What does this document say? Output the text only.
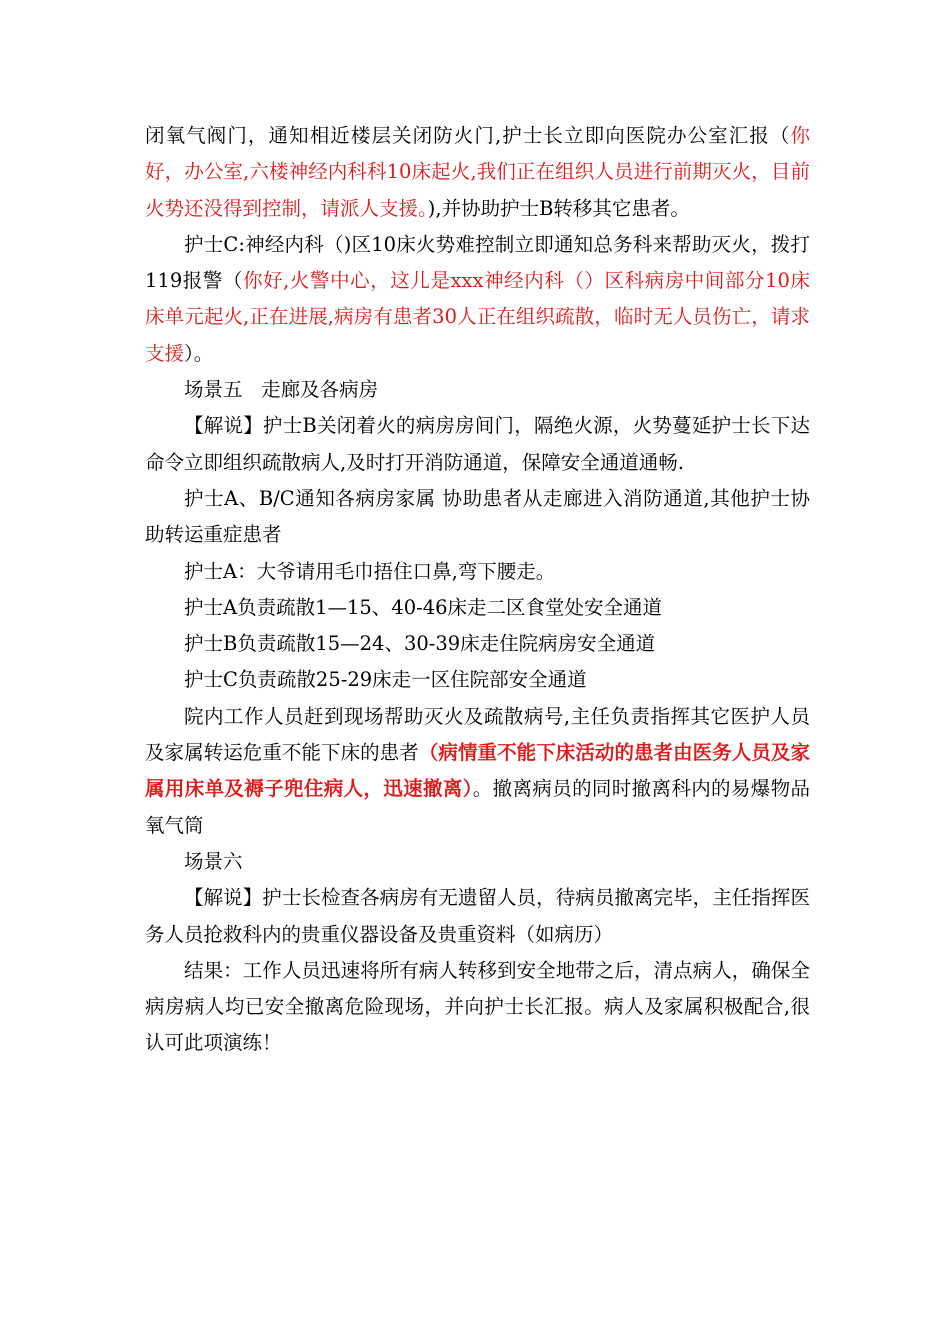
闭氧气阀门，通知相近楼层关闭防火门,护士长立即向医院办公室汇报（你好，办公室,六楼神经内科科10床起火,我们正在组织人员进行前期灭火，目前火势还没得到控制，请派人支援。),并协助护士B转移其它患者。

护士C:神经内科（)区10床火势难控制立即通知总务科来帮助灭火，拨打119报警（你好,火警中心，这儿是xxx神经内科（）区科病房中间部分10床床单元起火,正在进展,病房有患者30人正在组织疏散，临时无人员伤亡，请求支援）。

场景五   走廊及各病房

【解说】护士B关闭着火的病房房间门，隔绝火源，火势蔓延护士长下达命令立即组织疏散病人,及时打开消防通道，保障安全通道通畅.

护士A、B/C通知各病房家属 协助患者从走廊进入消防通道,其他护士协助转运重症患者

护士A：大爷请用毛巾捂住口鼻,弯下腰走。

护士A负责疏散1—15、40-46床走二区食堂处安全通道

护士B负责疏散15—24、30-39床走住院病房安全通道

护士C负责疏散25-29床走一区住院部安全通道

院内工作人员赶到现场帮助灭火及疏散病号,主任负责指挥其它医护人员及家属转运危重不能下床的患者（病情重不能下床活动的患者由医务人员及家属用床单及褥子兜住病人，迅速撤离）。撤离病员的同时撤离科内的易爆物品氧气筒

场景六

【解说】护士长检查各病房有无遗留人员，待病员撤离完毕，主任指挥医务人员抢救科内的贵重仪器设备及贵重资料（如病历）

结果：工作人员迅速将所有病人转移到安全地带之后，清点病人，确保全病房病人均已安全撤离危险现场，并向护士长汇报。病人及家属积极配合,很认可此项演练！
